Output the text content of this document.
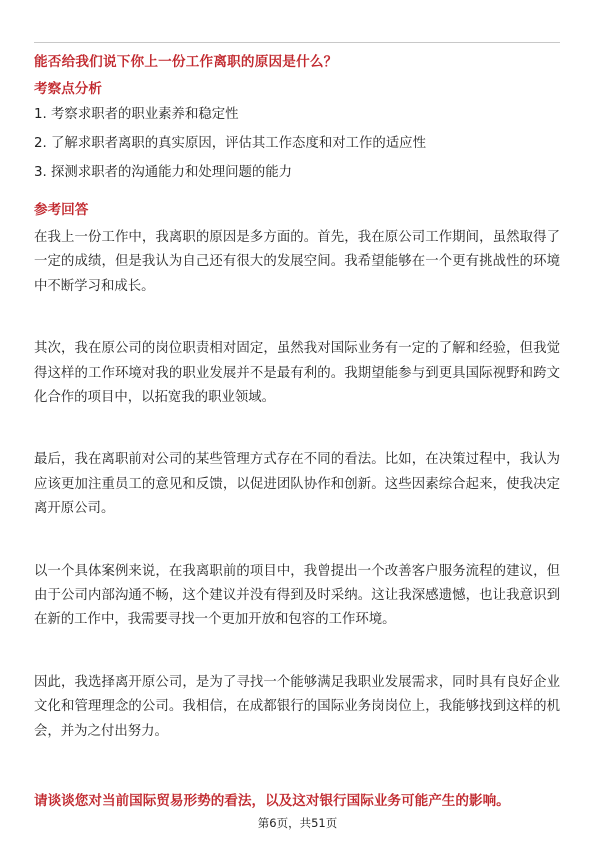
能否给我们说下你上一份工作离职的原因是什么？
考察点分析
1. 考察求职者的职业素养和稳定性
2. 了解求职者离职的真实原因，评估其工作态度和对工作的适应性
3. 探测求职者的沟通能力和处理问题的能力
参考回答

在我上一份工作中，我离职的原因是多方面的。首先，我在原公司工作期间，虽然取得了一定的成绩，但是我认为自己还有很大的发展空间。我希望能够在一个更有挑战性的环境中不断学习和成长。

其次，我在原公司的岗位职责相对固定，虽然我对国际业务有一定的了解和经验，但我觉得这样的工作环境对我的职业发展并不是最有利的。我期望能参与到更具国际视野和跨文化合作的项目中，以拓宽我的职业领域。

最后，我在离职前对公司的某些管理方式存在不同的看法。比如，在决策过程中，我认为应该更加注重员工的意见和反馈，以促进团队协作和创新。这些因素综合起来，使我决定离开原公司。

以一个具体案例来说，在我离职前的项目中，我曾提出一个改善客户服务流程的建议，但由于公司内部沟通不畅，这个建议并没有得到及时采纳。这让我深感遗憾，也让我意识到在新的工作中，我需要寻找一个更加开放和包容的工作环境。

因此，我选择离开原公司，是为了寻找一个能够满足我职业发展需求，同时具有良好企业文化和管理理念的公司。我相信，在成都银行的国际业务岗岗位上，我能够找到这样的机会，并为之付出努力。

请谈谈您对当前国际贸易形势的看法，以及这对银行国际业务可能产生的影响。
第6页，共51页
